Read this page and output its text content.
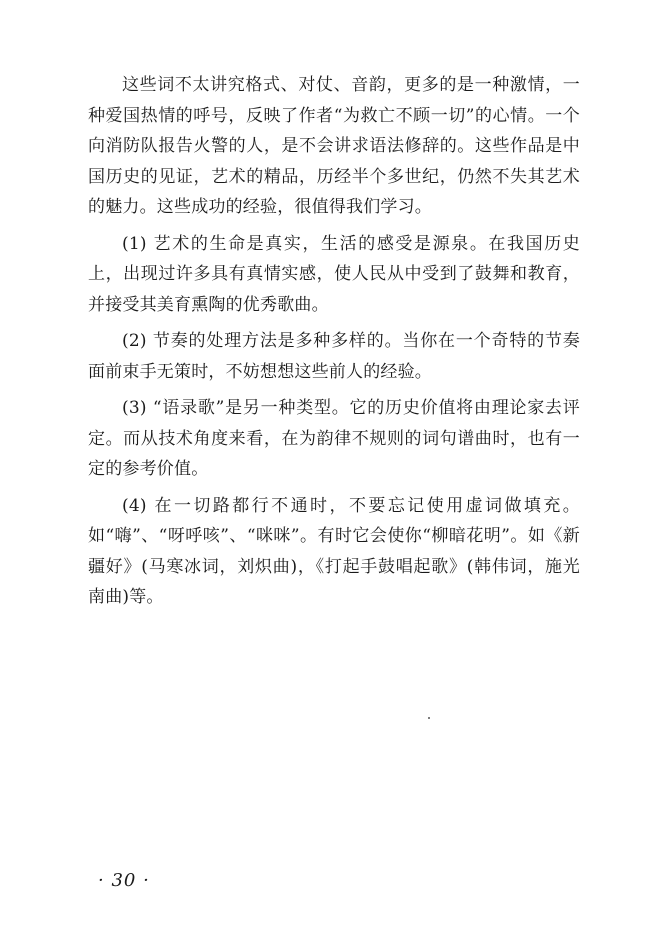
这些词不太讲究格式、对仗、音韵，更多的是一种激情，一种爱国热情的呼号，反映了作者“为救亡不顾一切”的心情。一个向消防队报告火警的人，是不会讲求语法修辞的。这些作品是中国历史的见证，艺术的精品，历经半个多世纪，仍然不失其艺术的魅力。这些成功的经验，很值得我们学习。

(1) 艺术的生命是真实，生活的感受是源泉。在我国历史上，出现过许多具有真情实感，使人民从中受到了鼓舞和教育，并接受其美育熏陶的优秀歌曲。

(2) 节奏的处理方法是多种多样的。当你在一个奇特的节奏面前束手无策时，不妨想想这些前人的经验。

(3) “语录歌”是另一种类型。它的历史价值将由理论家去评定。而从技术角度来看，在为韵律不规则的词句谱曲时，也有一定的参考价值。

(4) 在一切路都行不通时，不要忘记使用虚词做填充。如“嗨”、“呀呼咳”、“咪咪”。有时它会使你“柳暗花明”。如《新疆好》(马寒冰词，刘炽曲)，《打起手鼓唱起歌》(韩伟词，施光南曲)等。

· 30 ·
